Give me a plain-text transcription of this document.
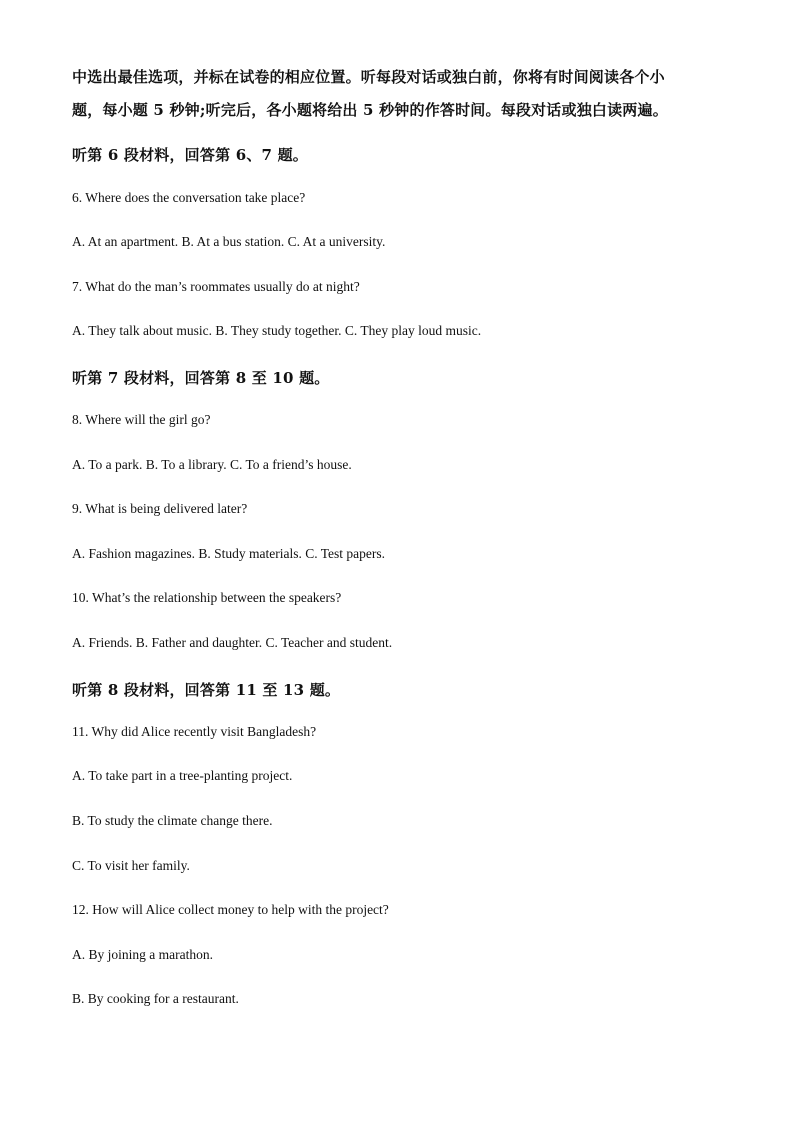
中选出最佳选项，并标在试卷的相应位置。听每段对话或独白前，你将有时间阅读各个小
题，每小题 5 秒钟;听完后，各小题将给出 5 秒钟的作答时间。每段对话或独白读两遍。
听第 6 段材料，回答第 6、7 题。
6. Where does the conversation take place?
A. At an apartment. B. At a bus station. C. At a university.
7. What do the man’s roommates usually do at night?
A. They talk about music. B. They study together. C. They play loud music.
听第 7 段材料，回答第 8 至 10 题。
8. Where will the girl go?
A. To a park. B. To a library. C. To a friend’s house.
9. What is being delivered later?
A. Fashion magazines. B. Study materials. C. Test papers.
10. What’s the relationship between the speakers?
A. Friends. B. Father and daughter. C. Teacher and student.
听第 8 段材料，回答第 11 至 13 题。
11. Why did Alice recently visit Bangladesh?
A. To take part in a tree-planting project.
B. To study the climate change there.
C. To visit her family.
12. How will Alice collect money to help with the project?
A. By joining a marathon.
B. By cooking for a restaurant.
